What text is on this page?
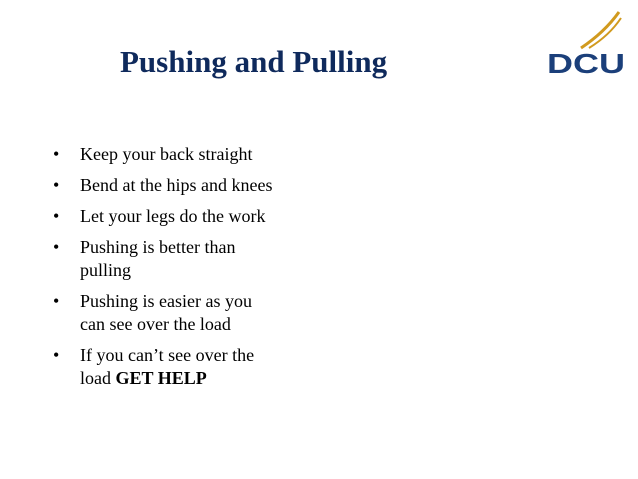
Pushing and Pulling	DCU
• Keep your back straight
• Bend at the hips and knees
• Let your legs do the work
• Pushing is better than
pulling
• Pushing is easier as you
can see over the load
• If you can’t see over the
load GET HELP
